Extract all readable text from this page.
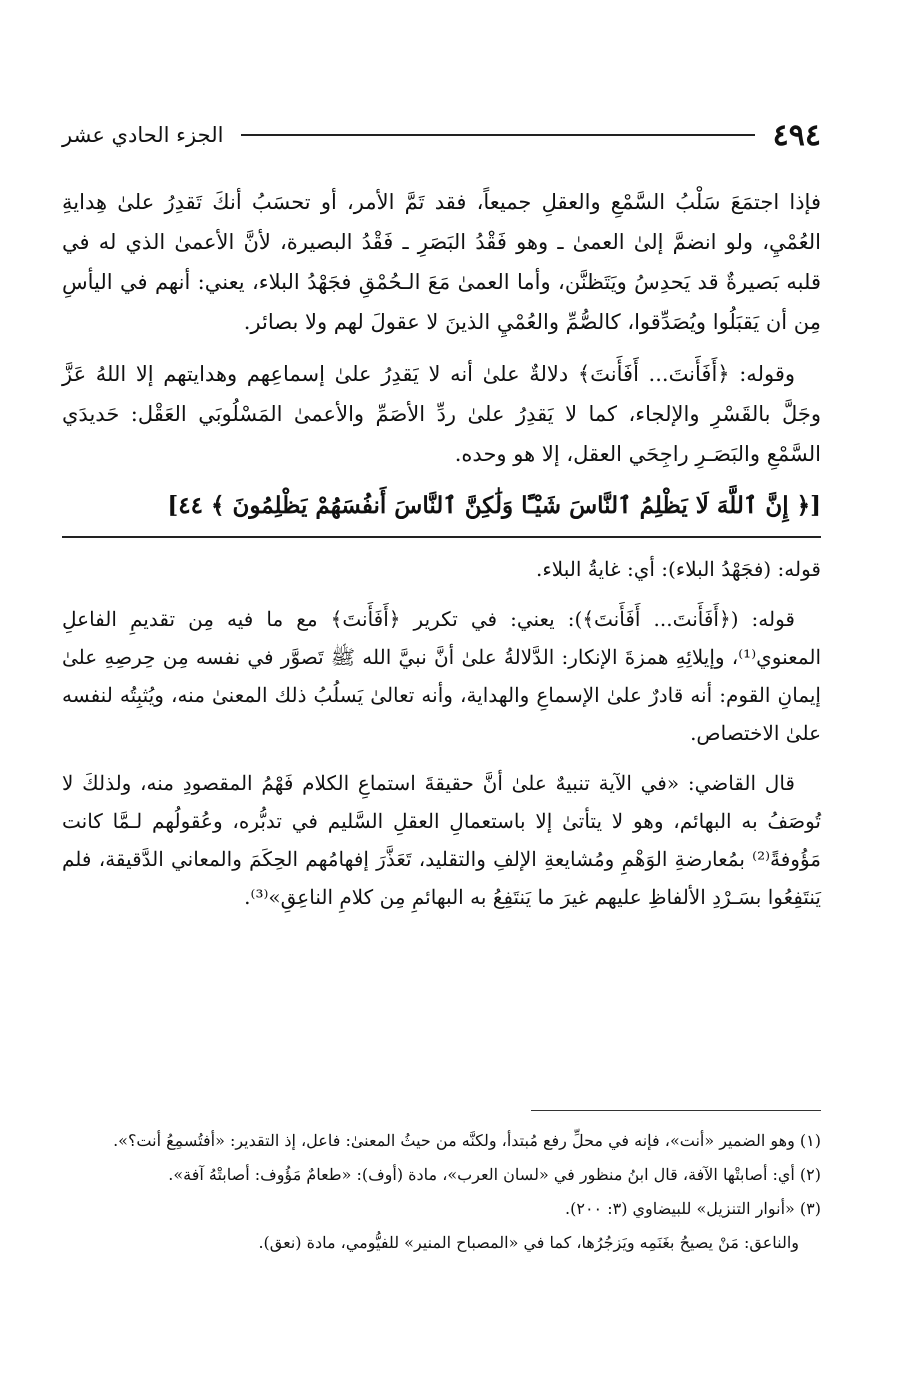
٤٩٤
الجزء الحادي عشر

فإذا اجتمَعَ سَلْبُ السَّمْعِ والعقلِ جميعاً، فقد تَمَّ الأمر، أو تحسَبُ أنكَ تَقدِرُ علىٰ هِدايةِ العُمْيِ، ولو انضمَّ إلىٰ العمىٰ ـ وهو فَقْدُ البَصَرِ ـ فَقْدُ البصيرة، لأنَّ الأعمىٰ الذي له في قلبه بَصيرةٌ قد يَحدِسُ ويَتَظنَّن، وأما العمىٰ مَعَ الـحُمْقِ فجَهْدُ البلاء، يعني: أنهم في اليأسِ مِن أن يَقبَلُوا ويُصَدِّقوا، كالصُّمِّ والعُمْيِ الذينَ لا عقولَ لهم ولا بصائر.

وقوله: ﴿أَفَأَنتَ... أَفَأَنتَ﴾ دلالةٌ علىٰ أنه لا يَقدِرُ علىٰ إسماعِهم وهدايتهم إلا اللهُ عَزَّ وجَلَّ بالقَسْرِ والإلجاء، كما لا يَقدِرُ علىٰ ردِّ الأصَمِّ والأعمىٰ المَسْلُوبَي العَقْل: حَديدَي السَّمْعِ والبَصَـرِ راجِحَي العقل، إلا هو وحده.

[﴿ إِنَّ ٱللَّهَ لَا يَظْلِمُ ٱلنَّاسَ شَيْـًٔا وَلَٰكِنَّ ٱلنَّاسَ أَنفُسَهُمْ يَظْلِمُونَ ﴾ ٤٤]

قوله: (فجَهْدُ البلاء): أي: غايةُ البلاء.

قوله: (﴿أَفَأَنتَ... أَفَأَنتَ﴾): يعني: في تكرير ﴿أَفَأَنتَ﴾ مع ما فيه مِن تقديمِ الفاعلِ المعنوي⁽¹⁾، وإيلائِهِ همزةَ الإنكار: الدَّلالةُ علىٰ أنَّ نبيَّ الله ﷺ تَصوَّر في نفسه مِن حِرصِهِ علىٰ إيمانِ القوم: أنه قادرٌ علىٰ الإسماعِ والهداية، وأنه تعالىٰ يَسلُبُ ذلك المعنىٰ منه، ويُثبِتُه لنفسه علىٰ الاختصاص.

قال القاضي: «في الآية تنبيهٌ علىٰ أنَّ حقيقةَ استماعِ الكلام فَهْمُ المقصودِ منه، ولذلكَ لا تُوصَفُ به البهائم، وهو لا يتأتىٰ إلا باستعمالِ العقلِ السَّليم في تدبُّره، وعُقولُهم لـمَّا كانت مَؤُوفةً⁽²⁾ بمُعارضةِ الوَهْمِ ومُشايعةِ الإلفِ والتقليد، تَعَذَّرَ إفهامُهم الحِكَمَ والمعاني الدَّقيقة، فلم يَنتَفِعُوا بسَـرْدِ الألفاظِ عليهم غيرَ ما يَنتَفِعُ به البهائمِ مِن كلامِ الناعِقِ»⁽³⁾.

(١) وهو الضمير «أنت»، فإنه في محلِّ رفع مُبتدأ، ولكنَّه من حيثُ المعنىٰ: فاعل، إذ التقدير: «أفتُسمِعُ أنت؟».

(٢) أي: أصابتْها الآفة، قال ابنُ منظور في «لسان العرب»، مادة (أوف): «طعامٌ مَؤُوف: أصابتْهُ آفة».

(٣) «أنوار التنزيل» للبيضاوي (٣: ٢٠٠).

والناعق: مَنْ يصيحُ بغَنَمِه ويَزجُرُها، كما في «المصباح المنير» للفيُّومي، مادة (نعق).
